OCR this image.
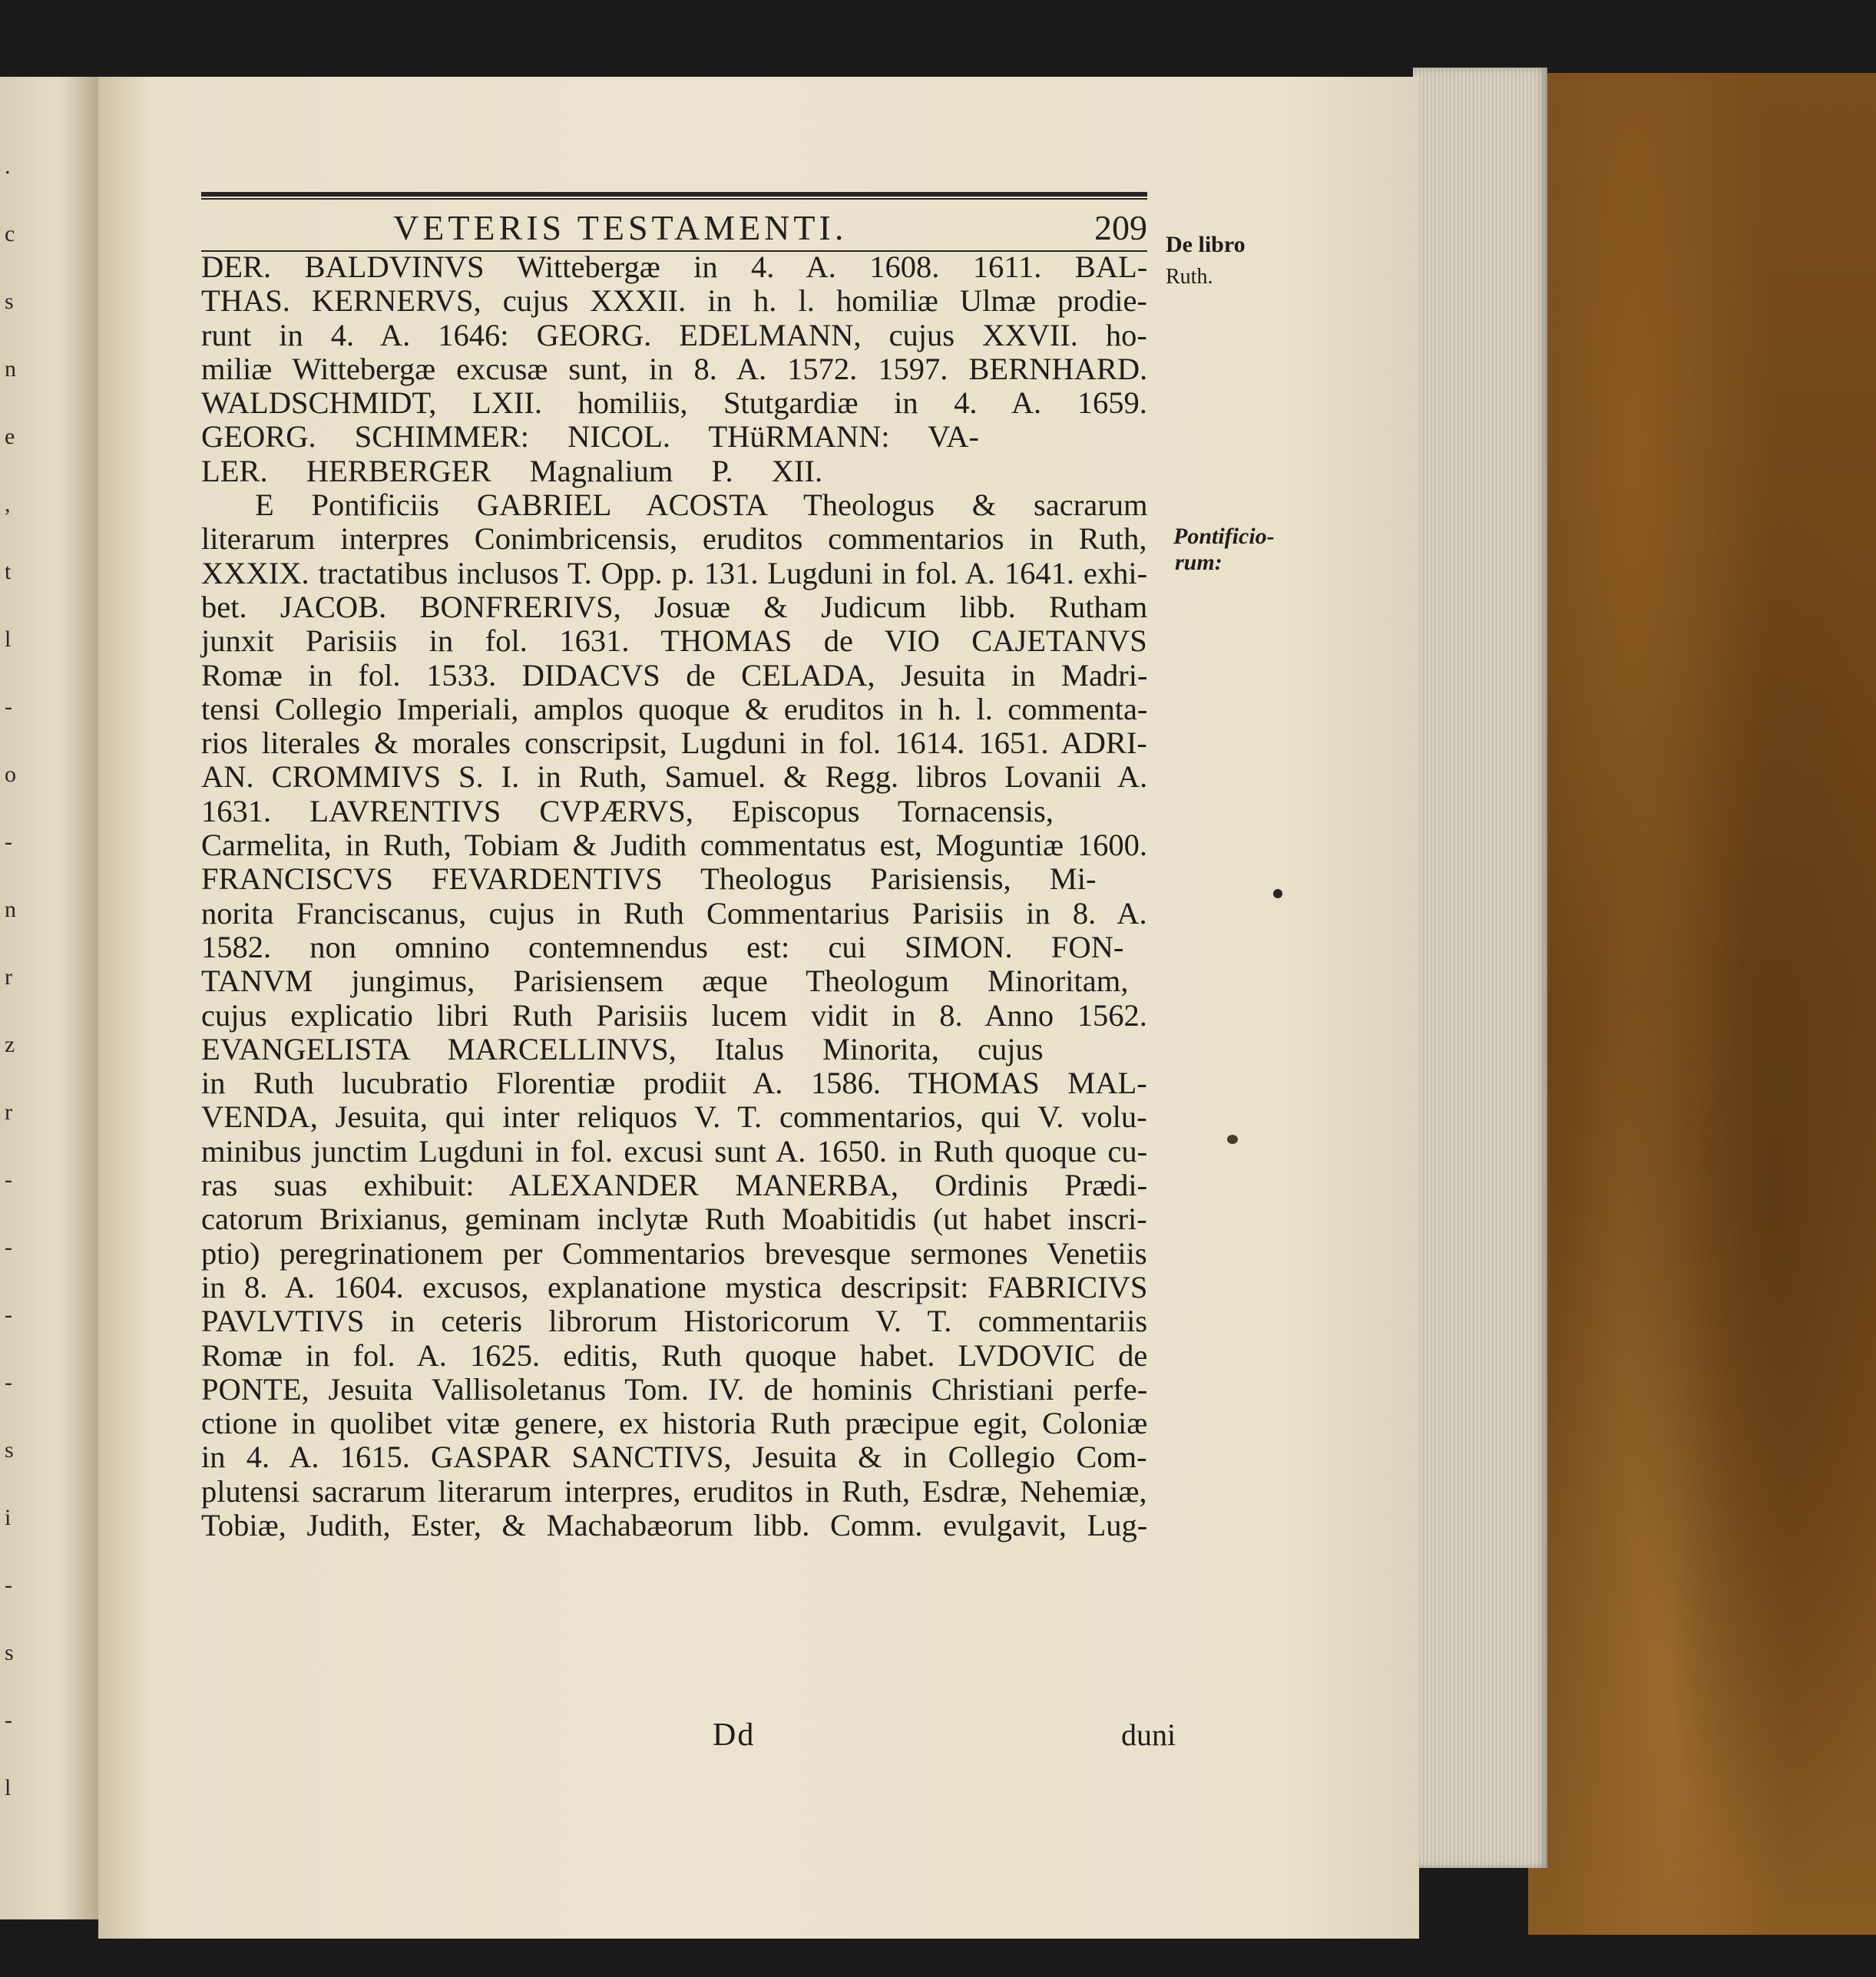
.
c
s
n
e
,
t
l
-
o
-
n
r
z
r
-
-
-
-
s
i
-
s
-
l
VETERIS TESTAMENTI.	209 De libro
Ruth.
Pontificio-
rum:
DER. BALDVINVS Wittebergæ in 4. A. 1608. 1611. BAL-
THAS. KERNERVS, cujus XXXII. in h. l. homiliæ Ulmæ prodie-
runt in 4. A. 1646: GEORG. EDELMANN, cujus XXVII. ho-
miliæ Wittebergæ excusæ sunt, in 8. A. 1572. 1597. BERNHARD.
WALDSCHMIDT, LXII. homiliis, Stutgardiæ in 4. A. 1659.
GEORG. SCHIMMER: NICOL. THüRMANN: VA-
LER. HERBERGER Magnalium P. XII.
E Pontificiis GABRIEL ACOSTA Theologus & sacrarum
literarum interpres Conimbricensis, eruditos commentarios in Ruth,
XXXIX. tractatibus inclusos T. Opp. p. 131. Lugduni in fol. A. 1641. exhi-
bet. JACOB. BONFRERIVS, Josuæ & Judicum libb. Rutham
junxit Parisiis in fol. 1631. THOMAS de VIO CAJETANVS
Romæ in fol. 1533. DIDACVS de CELADA, Jesuita in Madri-
tensi Collegio Imperiali, amplos quoque & eruditos in h. l. commenta-
rios literales & morales conscripsit, Lugduni in fol. 1614. 1651. ADRI-
AN. CROMMIVS S. I. in Ruth, Samuel. & Regg. libros Lovanii A.
1631. LAVRENTIVS CVPÆRVS, Episcopus Tornacensis,
Carmelita, in Ruth, Tobiam & Judith commentatus est, Moguntiæ 1600.
FRANCISCVS FEVARDENTIVS Theologus Parisiensis, Mi-
norita Franciscanus, cujus in Ruth Commentarius Parisiis in 8. A.
1582. non omnino contemnendus est: cui SIMON. FON-
TANVM jungimus, Parisiensem æque Theologum Minoritam,
cujus explicatio libri Ruth Parisiis lucem vidit in 8. Anno 1562.
EVANGELISTA MARCELLINVS, Italus Minorita, cujus
in Ruth lucubratio Florentiæ prodiit A. 1586. THOMAS MAL-
VENDA, Jesuita, qui inter reliquos V. T. commentarios, qui V. volu-
minibus junctim Lugduni in fol. excusi sunt A. 1650. in Ruth quoque cu-
ras suas exhibuit: ALEXANDER MANERBA, Ordinis Prædi-
catorum Brixianus, geminam inclytæ Ruth Moabitidis (ut habet inscri-
ptio) peregrinationem per Commentarios brevesque sermones Venetiis
in 8. A. 1604. excusos, explanatione mystica descripsit: FABRICIVS
PAVLVTIVS in ceteris librorum Historicorum V. T. commentariis
Romæ in fol. A. 1625. editis, Ruth quoque habet. LVDOVIC de
PONTE, Jesuita Vallisoletanus Tom. IV. de hominis Christiani perfe-
ctione in quolibet vitæ genere, ex historia Ruth præcipue egit, Coloniæ
in 4. A. 1615. GASPAR SANCTIVS, Jesuita & in Collegio Com-
plutensi sacrarum literarum interpres, eruditos in Ruth, Esdræ, Nehemiæ,
Tobiæ, Judith, Ester, & Machabæorum libb. Comm. evulgavit, Lug-
Dd	duni
